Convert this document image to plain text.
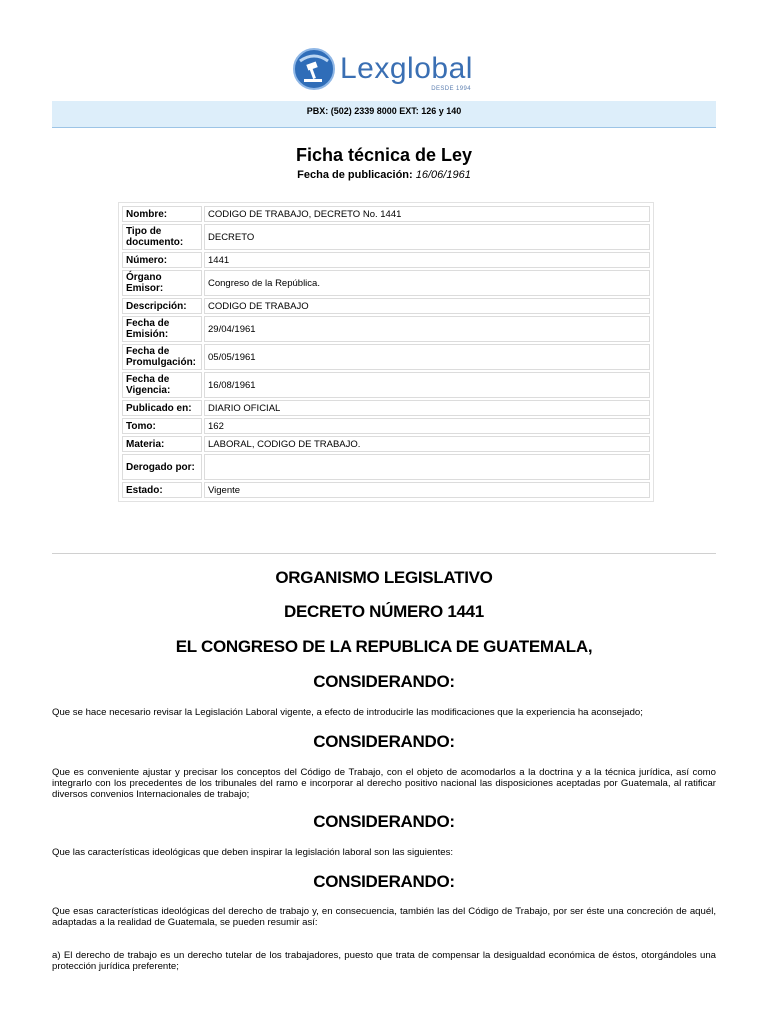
Lexglobal
DESDE 1994
PBX: (502) 2339 8000 EXT: 126 y 140
Ficha técnica de Ley
Fecha de publicación: 16/06/1961
Nombre:	CODIGO DE TRABAJO, DECRETO No. 1441
Tipo de documento:	DECRETO
Número:	1441
Órgano Emisor:	Congreso de la República.
Descripción:	CODIGO DE TRABAJO
Fecha de Emisión:	29/04/1961
Fecha de Promulgación:	05/05/1961
Fecha de Vigencia:	16/08/1961
Publicado en:	DIARIO OFICIAL
Tomo:	162
Materia:	LABORAL, CODIGO DE TRABAJO.
Derogado por:	
Estado:	Vigente
ORGANISMO LEGISLATIVO
DECRETO NÚMERO 1441
EL CONGRESO DE LA REPUBLICA DE GUATEMALA,
CONSIDERANDO:
Que se hace necesario revisar la Legislación Laboral vigente, a efecto de introducirle las modificaciones que la experiencia ha aconsejado;
CONSIDERANDO:
Que es conveniente ajustar y precisar los conceptos del Código de Trabajo, con el objeto de acomodarlos a la doctrina y a la técnica jurídica, así como integrarlo con los precedentes de los tribunales del ramo e incorporar al derecho positivo nacional las disposiciones aceptadas por Guatemala, al ratificar diversos convenios Internacionales de trabajo;
CONSIDERANDO:
Que las características ideológicas que deben inspirar la legislación laboral son las siguientes:
CONSIDERANDO:
Que esas características ideológicas del derecho de trabajo y, en consecuencia, también las del Código de Trabajo, por ser éste una concreción de aquél, adaptadas a la realidad de Guatemala, se pueden resumir así:
a) El derecho de trabajo es un derecho tutelar de los trabajadores, puesto que trata de compensar la desigualdad económica de éstos, otorgándoles una protección jurídica preferente;
